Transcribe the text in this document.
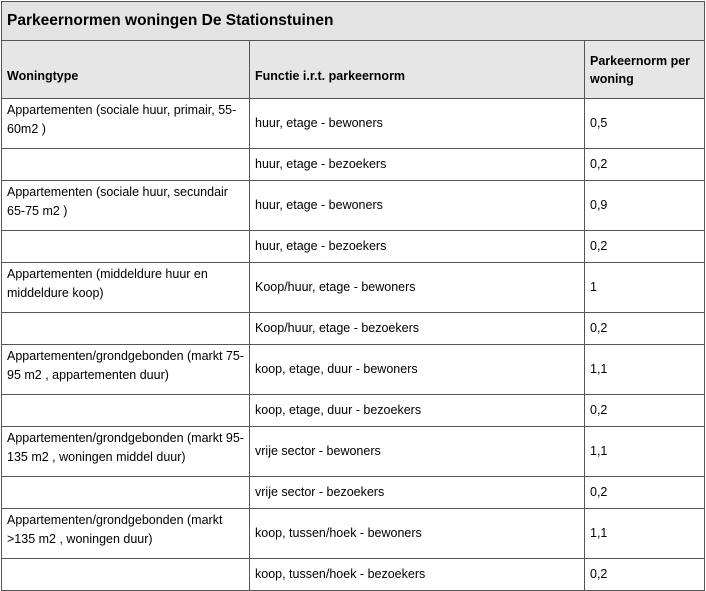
Parkeernormen woningen De Stationstuinen		
Woningtype	Functie i.r.t. parkeernorm	Parkeernorm per woning
Appartementen (sociale huur, primair, 55-60m2 )	huur, etage - bewoners	0,5
	huur, etage - bezoekers	0,2
Appartementen (sociale huur, secundair 65-75 m2 )	huur, etage - bewoners	0,9
	huur, etage - bezoekers	0,2
Appartementen (middeldure huur en middeldure koop)	Koop/huur, etage - bewoners	1
	Koop/huur, etage - bezoekers	0,2
Appartementen/grondgebonden (markt 75-95 m2 , appartementen duur)	koop, etage, duur - bewoners	1,1
	koop, etage, duur - bezoekers	0,2
Appartementen/grondgebonden (markt 95-135 m2 , woningen middel duur)	vrije sector - bewoners	1,1
	vrije sector - bezoekers	0,2
Appartementen/grondgebonden (markt >135 m2 , woningen duur)	koop, tussen/hoek - bewoners	1,1
	koop, tussen/hoek - bezoekers	0,2
